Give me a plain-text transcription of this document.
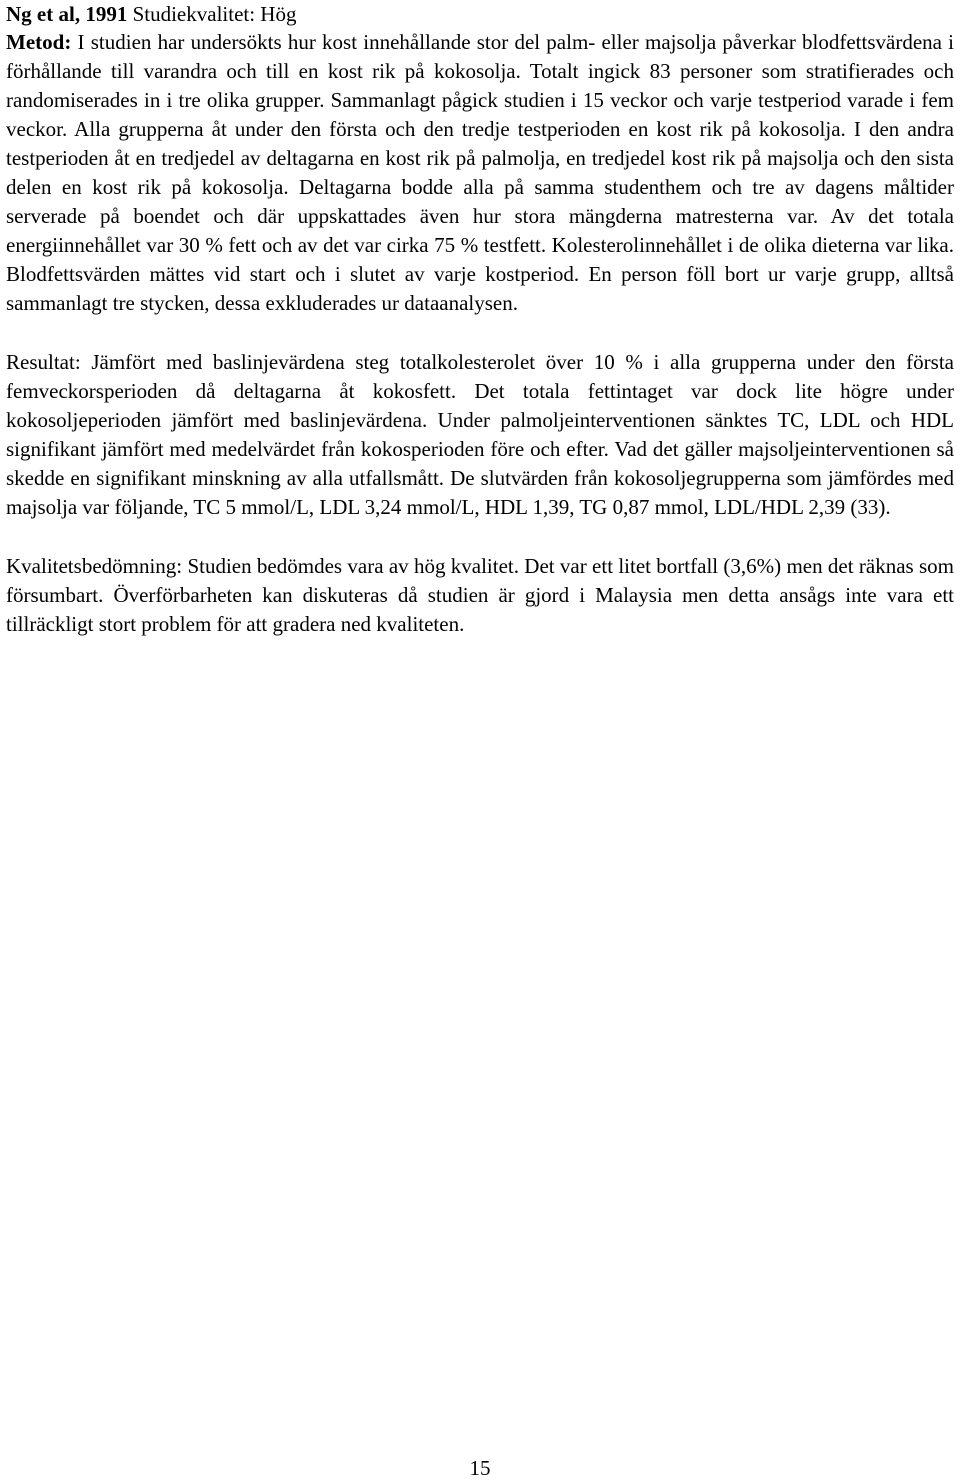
Ng et al, 1991 Studiekvalitet: Hög

Metod: I studien har undersökts hur kost innehållande stor del palm- eller majsolja påverkar blodfettsvärdena i förhållande till varandra och till en kost rik på kokosolja. Totalt ingick 83 personer som stratifierades och randomiserades in i tre olika grupper. Sammanlagt pågick studien i 15 veckor och varje testperiod varade i fem veckor. Alla grupperna åt under den första och den tredje testperioden en kost rik på kokosolja. I den andra testperioden åt en tredjedel av deltagarna en kost rik på palmolja, en tredjedel kost rik på majsolja och den sista delen en kost rik på kokosolja. Deltagarna bodde alla på samma studenthem och tre av dagens måltider serverade på boendet och där uppskattades även hur stora mängderna matresterna var. Av det totala energiinnehållet var 30 % fett och av det var cirka 75 % testfett. Kolesterolinnehållet i de olika dieterna var lika. Blodfettsvärden mättes vid start och i slutet av varje kostperiod. En person föll bort ur varje grupp, alltså sammanlagt tre stycken, dessa exkluderades ur dataanalysen.

Resultat: Jämfört med baslinjevärdena steg totalkolesterolet över 10 % i alla grupperna under den första femveckorsperioden då deltagarna åt kokosfett. Det totala fettintaget var dock lite högre under kokosoljeperioden jämfört med baslinjevärdena. Under palmoljeinterventionen sänktes TC, LDL och HDL signifikant jämfört med medelvärdet från kokosperioden före och efter. Vad det gäller majsoljeinterventionen så skedde en signifikant minskning av alla utfallsmått. De slutvärden från kokosoljegrupperna som jämfördes med majsolja var följande, TC 5 mmol/L, LDL 3,24 mmol/L, HDL 1,39, TG 0,87 mmol, LDL/HDL 2,39 (33).

Kvalitetsbedömning: Studien bedömdes vara av hög kvalitet. Det var ett litet bortfall (3,6%) men det räknas som försumbart. Överförbarheten kan diskuteras då studien är gjord i Malaysia men detta ansågs inte vara ett tillräckligt stort problem för att gradera ned kvaliteten.

15
